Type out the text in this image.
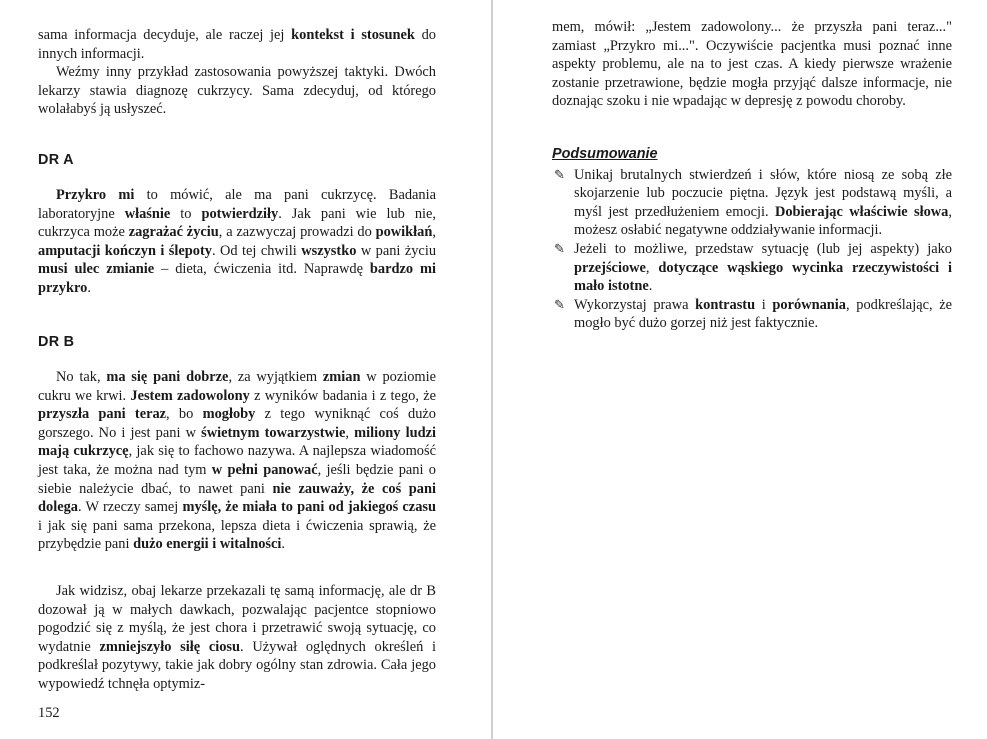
sama informacja decyduje, ale raczej jej kontekst i stosunek do innych informacji.

Weźmy inny przykład zastosowania powyższej taktyki. Dwóch lekarzy stawia diagnozę cukrzycy. Sama zdecyduj, od którego wolałabyś ją usłyszeć.

DR A

Przykro mi to mówić, ale ma pani cukrzycę. Badania laboratoryjne właśnie to potwierdziły. Jak pani wie lub nie, cukrzyca może zagrażać życiu, a zazwyczaj prowadzi do powikłań, amputacji kończyn i ślepoty. Od tej chwili wszystko w pani życiu musi ulec zmianie – dieta, ćwiczenia itd. Naprawdę bardzo mi przykro.

DR B

No tak, ma się pani dobrze, za wyjątkiem zmian w poziomie cukru we krwi. Jestem zadowolony z wyników badania i z tego, że przyszła pani teraz, bo mogłoby z tego wyniknąć coś dużo gorszego. No i jest pani w świetnym towarzystwie, miliony ludzi mają cukrzycę, jak się to fachowo nazywa. A najlepsza wiadomość jest taka, że można nad tym w pełni panować, jeśli będzie pani o siebie należycie dbać, to nawet pani nie zauważy, że coś pani dolega. W rzeczy samej myślę, że miała to pani od jakiegoś czasu i jak się pani sama przekona, lepsza dieta i ćwiczenia sprawią, że przybędzie pani dużo energii i witalności.

Jak widzisz, obaj lekarze przekazali tę samą informację, ale dr B dozował ją w małych dawkach, pozwalając pacjentce stopniowo pogodzić się z myślą, że jest chora i przetrawić swoją sytuację, co wydatnie zmniejszyło siłę ciosu. Używał oględnych określeń i podkreślał pozytywy, takie jak dobry ogólny stan zdrowia. Cała jego wypowiedź tchnęła optymiz-

152

mem, mówił: „Jestem zadowolony... że przyszła pani teraz..." zamiast „Przykro mi...". Oczywiście pacjentka musi poznać inne aspekty problemu, ale na to jest czas. A kiedy pierwsze wrażenie zostanie przetrawione, będzie mogła przyjąć dalsze informacje, nie doznając szoku i nie wpadając w depresję z powodu choroby.

Podsumowanie

✎ Unikaj brutalnych stwierdzeń i słów, które niosą ze sobą złe skojarzenie lub poczucie piętna. Język jest podstawą myśli, a myśl jest przedłużeniem emocji. Dobierając właściwie słowa, możesz osłabić negatywne oddziaływanie informacji.
✎ Jeżeli to możliwe, przedstaw sytuację (lub jej aspekty) jako przejściowe, dotyczące wąskiego wycinka rzeczywistości i mało istotne.
✎ Wykorzystaj prawa kontrastu i porównania, podkreślając, że mogło być dużo gorzej niż jest faktycznie.
